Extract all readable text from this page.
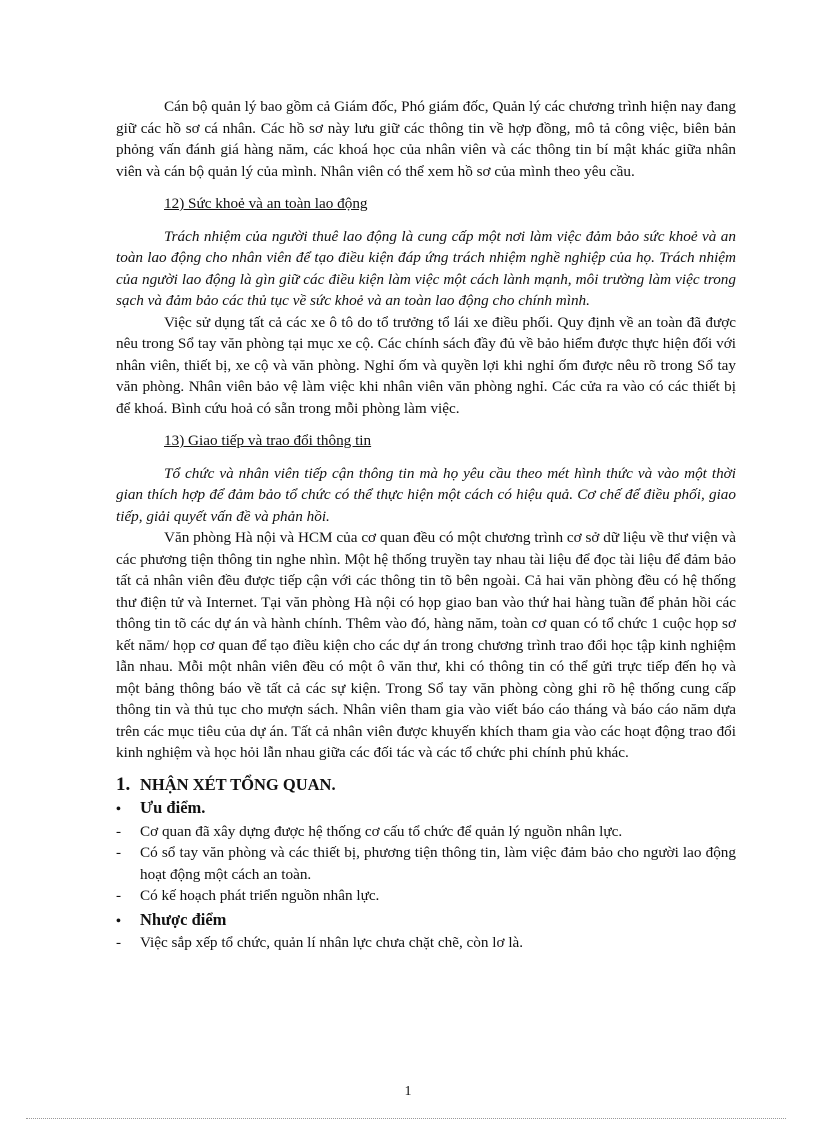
Cán bộ quản lý bao gồm cả Giám đốc, Phó giám đốc, Quản lý các chương trình hiện nay đang giữ các hồ sơ cá nhân. Các hồ sơ này lưu giữ các thông tin về hợp đồng, mô tả công việc, biên bản phỏng vấn đánh giá hàng năm, các khoá học của nhân viên và các thông tin bí mật khác giữa nhân viên và cán bộ quản lý của mình. Nhân viên có thể xem hồ sơ của mình theo yêu cầu.

12) Sức khoẻ và an toàn lao động

Trách nhiệm của người thuê lao động là cung cấp một nơi làm việc đảm bảo sức khoẻ và an toàn lao động cho nhân viên để tạo điều kiện đáp ứng trách nhiệm nghề nghiệp của họ. Trách nhiệm của người lao động là gìn giữ các điều kiện làm việc một cách lành mạnh, môi trường làm việc trong sạch và đảm bảo các thủ tục về sức khoẻ và an toàn lao động cho chính mình.

Việc sử dụng tất cả các xe ô tô do tổ trưởng tổ lái xe điều phối. Quy định về an toàn đã được nêu trong Sổ tay văn phòng tại mục xe cộ. Các chính sách đầy đủ về bảo hiểm được thực hiện đối với nhân viên, thiết bị, xe cộ và văn phòng. Nghỉ ốm và quyền lợi khi nghỉ ốm được nêu rõ trong Sổ tay văn phòng. Nhân viên bảo vệ làm việc khi nhân viên văn phòng nghỉ. Các cửa ra vào có các thiết bị để khoá. Bình cứu hoả có sẵn trong mỗi phòng làm việc.

13) Giao tiếp và trao đổi thông tin

Tổ chức và nhân viên tiếp cận thông tin mà họ yêu cầu theo mét hình thức và vào một thời gian thích hợp để đảm bảo tổ chức có thể thực hiện một cách có hiệu quả. Cơ chế để điều phối, giao tiếp, giải quyết vấn đề và phản hồi.

Văn phòng Hà nội và HCM của cơ quan đều có một chương trình cơ sở dữ liệu về thư viện và các phương tiện thông tin nghe nhìn. Một hệ thống truyền tay nhau tài liệu để đọc tài liệu để đảm bảo tất cả nhân viên đều được tiếp cận với các thông tin tõ bên ngoài. Cả hai văn phòng đều có hệ thống thư điện tử và Internet. Tại văn phòng Hà nội có họp giao ban vào thứ hai hàng tuần để phản hồi các thông tin tõ các dự án và hành chính. Thêm vào đó, hàng năm, toàn cơ quan có tổ chức 1 cuộc họp sơ kết năm/ họp cơ quan để tạo điều kiện cho các dự án trong chương trình trao đổi học tập kinh nghiệm lẫn nhau. Mỗi một nhân viên đều có một ô văn thư, khi có thông tin có thể gửi trực tiếp đến họ và một bảng thông báo về tất cả các sự kiện. Trong Sổ tay văn phòng còng ghi rõ hệ thống cung cấp thông tin và thủ tục cho mượn sách. Nhân viên tham gia vào viết báo cáo tháng và báo cáo năm dựa trên các mục tiêu của dự án. Tất cả nhân viên được khuyến khích tham gia vào các hoạt động trao đổi kinh nghiệm và học hỏi lẫn nhau giữa các đối tác và các tổ chức phi chính phủ khác.

1. NHẬN XÉT TỔNG QUAN.
•	Ưu điểm.
-	Cơ quan đã xây dựng được hệ thống cơ cấu tổ chức để quản lý nguồn nhân lực.
-	Có sổ tay văn phòng và các thiết bị, phương tiện thông tin, làm việc đảm bảo cho người lao động hoạt động một cách an toàn.
-	Có kế hoạch phát triển nguồn nhân lực.
•	Nhược điểm
-	Việc sắp xếp tổ chức, quản lí nhân lực chưa chặt chẽ, còn lơ là.
1
